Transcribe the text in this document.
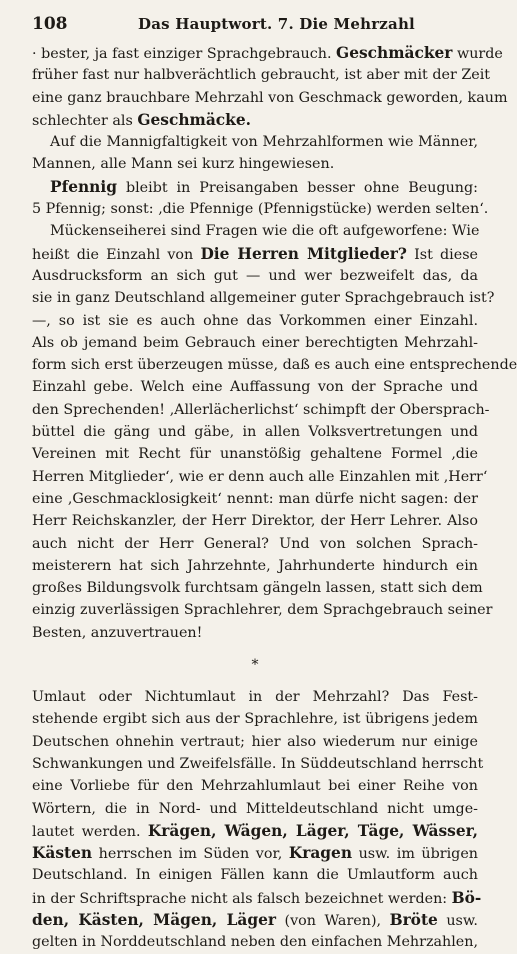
108	Das Hauptwort. 7. Die Mehrzahl
· bester, ja fast einziger Sprachgebrauch. Geschmäcker wurde
früher fast nur halbverächtlich gebraucht, ist aber mit der Zeit
eine ganz brauchbare Mehrzahl von Geschmack geworden, kaum
schlechter als Geschmäcke.
Auf die Mannigfaltigkeit von Mehrzahlformen wie Männer,
Mannen, alle Mann sei kurz hingewiesen.
Pfennig bleibt in Preisangaben besser ohne Beugung:
5 Pfennig; sonst: ‚die Pfennige (Pfennigstücke) werden selten‘.
Mückenseiherei sind Fragen wie die oft aufgeworfene: Wie
heißt die Einzahl von Die Herren Mitglieder? Ist diese
Ausdrucksform an sich gut — und wer bezweifelt das, da
sie in ganz Deutschland allgemeiner guter Sprachgebrauch ist?
—, so ist sie es auch ohne das Vorkommen einer Einzahl.
Als ob jemand beim Gebrauch einer berechtigten Mehrzahl-
form sich erst überzeugen müsse, daß es auch eine entsprechende
Einzahl gebe. Welch eine Auffassung von der Sprache und
den Sprechenden! ‚Allerlächerlichst‘ schimpft der Obersprach-
büttel die gäng und gäbe, in allen Volksvertretungen und
Vereinen mit Recht für unanstößig gehaltene Formel ‚die
Herren Mitglieder‘, wie er denn auch alle Einzahlen mit ‚Herr‘
eine ‚Geschmacklosigkeit‘ nennt: man dürfe nicht sagen: der
Herr Reichskanzler, der Herr Direktor, der Herr Lehrer. Also
auch nicht der Herr General? Und von solchen Sprach-
meisterern hat sich Jahrzehnte, Jahrhunderte hindurch ein
großes Bildungsvolk furchtsam gängeln lassen, statt sich dem
einzig zuverlässigen Sprachlehrer, dem Sprachgebrauch seiner
Besten, anzuvertrauen!
*
Umlaut oder Nichtumlaut in der Mehrzahl? Das Fest-
stehende ergibt sich aus der Sprachlehre, ist übrigens jedem
Deutschen ohnehin vertraut; hier also wiederum nur einige
Schwankungen und Zweifelsfälle. In Süddeutschland herrscht
eine Vorliebe für den Mehrzahlumlaut bei einer Reihe von
Wörtern, die in Nord- und Mitteldeutschland nicht umge-
lautet werden. Krägen, Wägen, Läger, Täge, Wässer,
Kästen herrschen im Süden vor, Kragen usw. im übrigen
Deutschland. In einigen Fällen kann die Umlautform auch
in der Schriftsprache nicht als falsch bezeichnet werden: Bö-
den, Kästen, Mägen, Läger (von Waren), Bröte usw.
gelten in Norddeutschland neben den einfachen Mehrzahlen,
